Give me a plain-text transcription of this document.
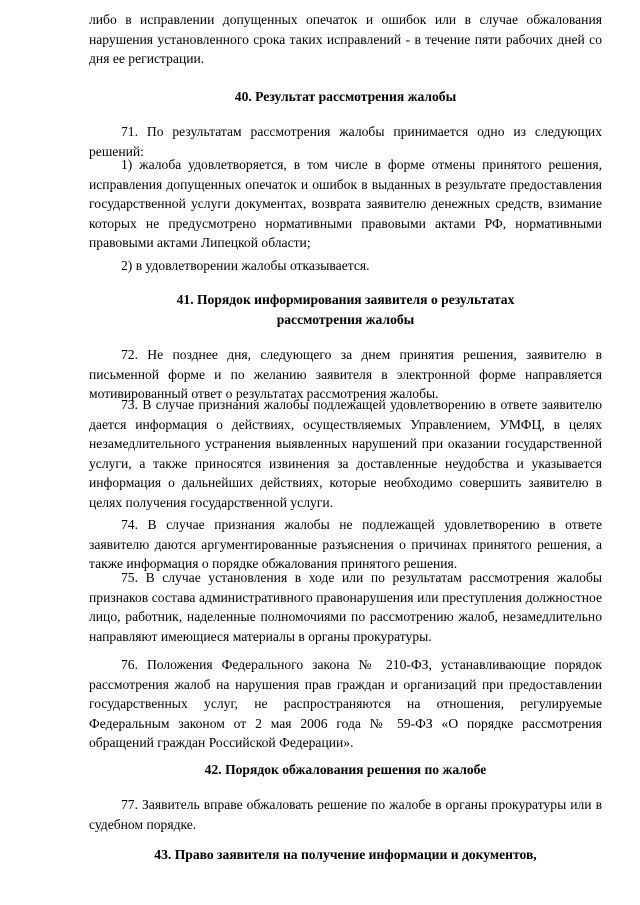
либо в исправлении допущенных опечаток и ошибок или в случае обжалования нарушения установленного срока таких исправлений - в течение пяти рабочих дней со дня ее регистрации.

40. Результат рассмотрения жалобы

71. По результатам рассмотрения жалобы принимается одно из следующих решений:

1) жалоба удовлетворяется, в том числе в форме отмены принятого решения, исправления допущенных опечаток и ошибок в выданных в результате предоставления государственной услуги документах, возврата заявителю денежных средств, взимание которых не предусмотрено нормативными правовыми актами РФ, нормативными правовыми актами Липецкой области;

2) в удовлетворении жалобы отказывается.

41. Порядок информирования заявителя о результатах
рассмотрения жалобы

72. Не позднее дня, следующего за днем принятия решения, заявителю в письменной форме и по желанию заявителя в электронной форме направляется мотивированный ответ о результатах рассмотрения жалобы.

73. В случае признания жалобы подлежащей удовлетворению в ответе заявителю дается информация о действиях, осуществляемых Управлением, УМФЦ, в целях незамедлительного устранения выявленных нарушений при оказании государственной услуги, а также приносятся извинения за доставленные неудобства и указывается информация о дальнейших действиях, которые необходимо совершить заявителю в целях получения государственной услуги.

74. В случае признания жалобы не подлежащей удовлетворению в ответе заявителю даются аргументированные разъяснения о причинах принятого решения, а также информация о порядке обжалования принятого решения.

75. В случае установления в ходе или по результатам рассмотрения жалобы признаков состава административного правонарушения или преступления должностное лицо, работник, наделенные полномочиями по рассмотрению жалоб, незамедлительно направляют имеющиеся материалы в органы прокуратуры.

76. Положения Федерального закона № 210-ФЗ, устанавливающие порядок рассмотрения жалоб на нарушения прав граждан и организаций при предоставлении государственных услуг, не распространяются на отношения, регулируемые Федеральным законом от 2 мая 2006 года № 59-ФЗ «О порядке рассмотрения обращений граждан Российской Федерации».

42. Порядок обжалования решения по жалобе

77. Заявитель вправе обжаловать решение по жалобе в органы прокуратуры или в судебном порядке.

43. Право заявителя на получение информации и документов,
